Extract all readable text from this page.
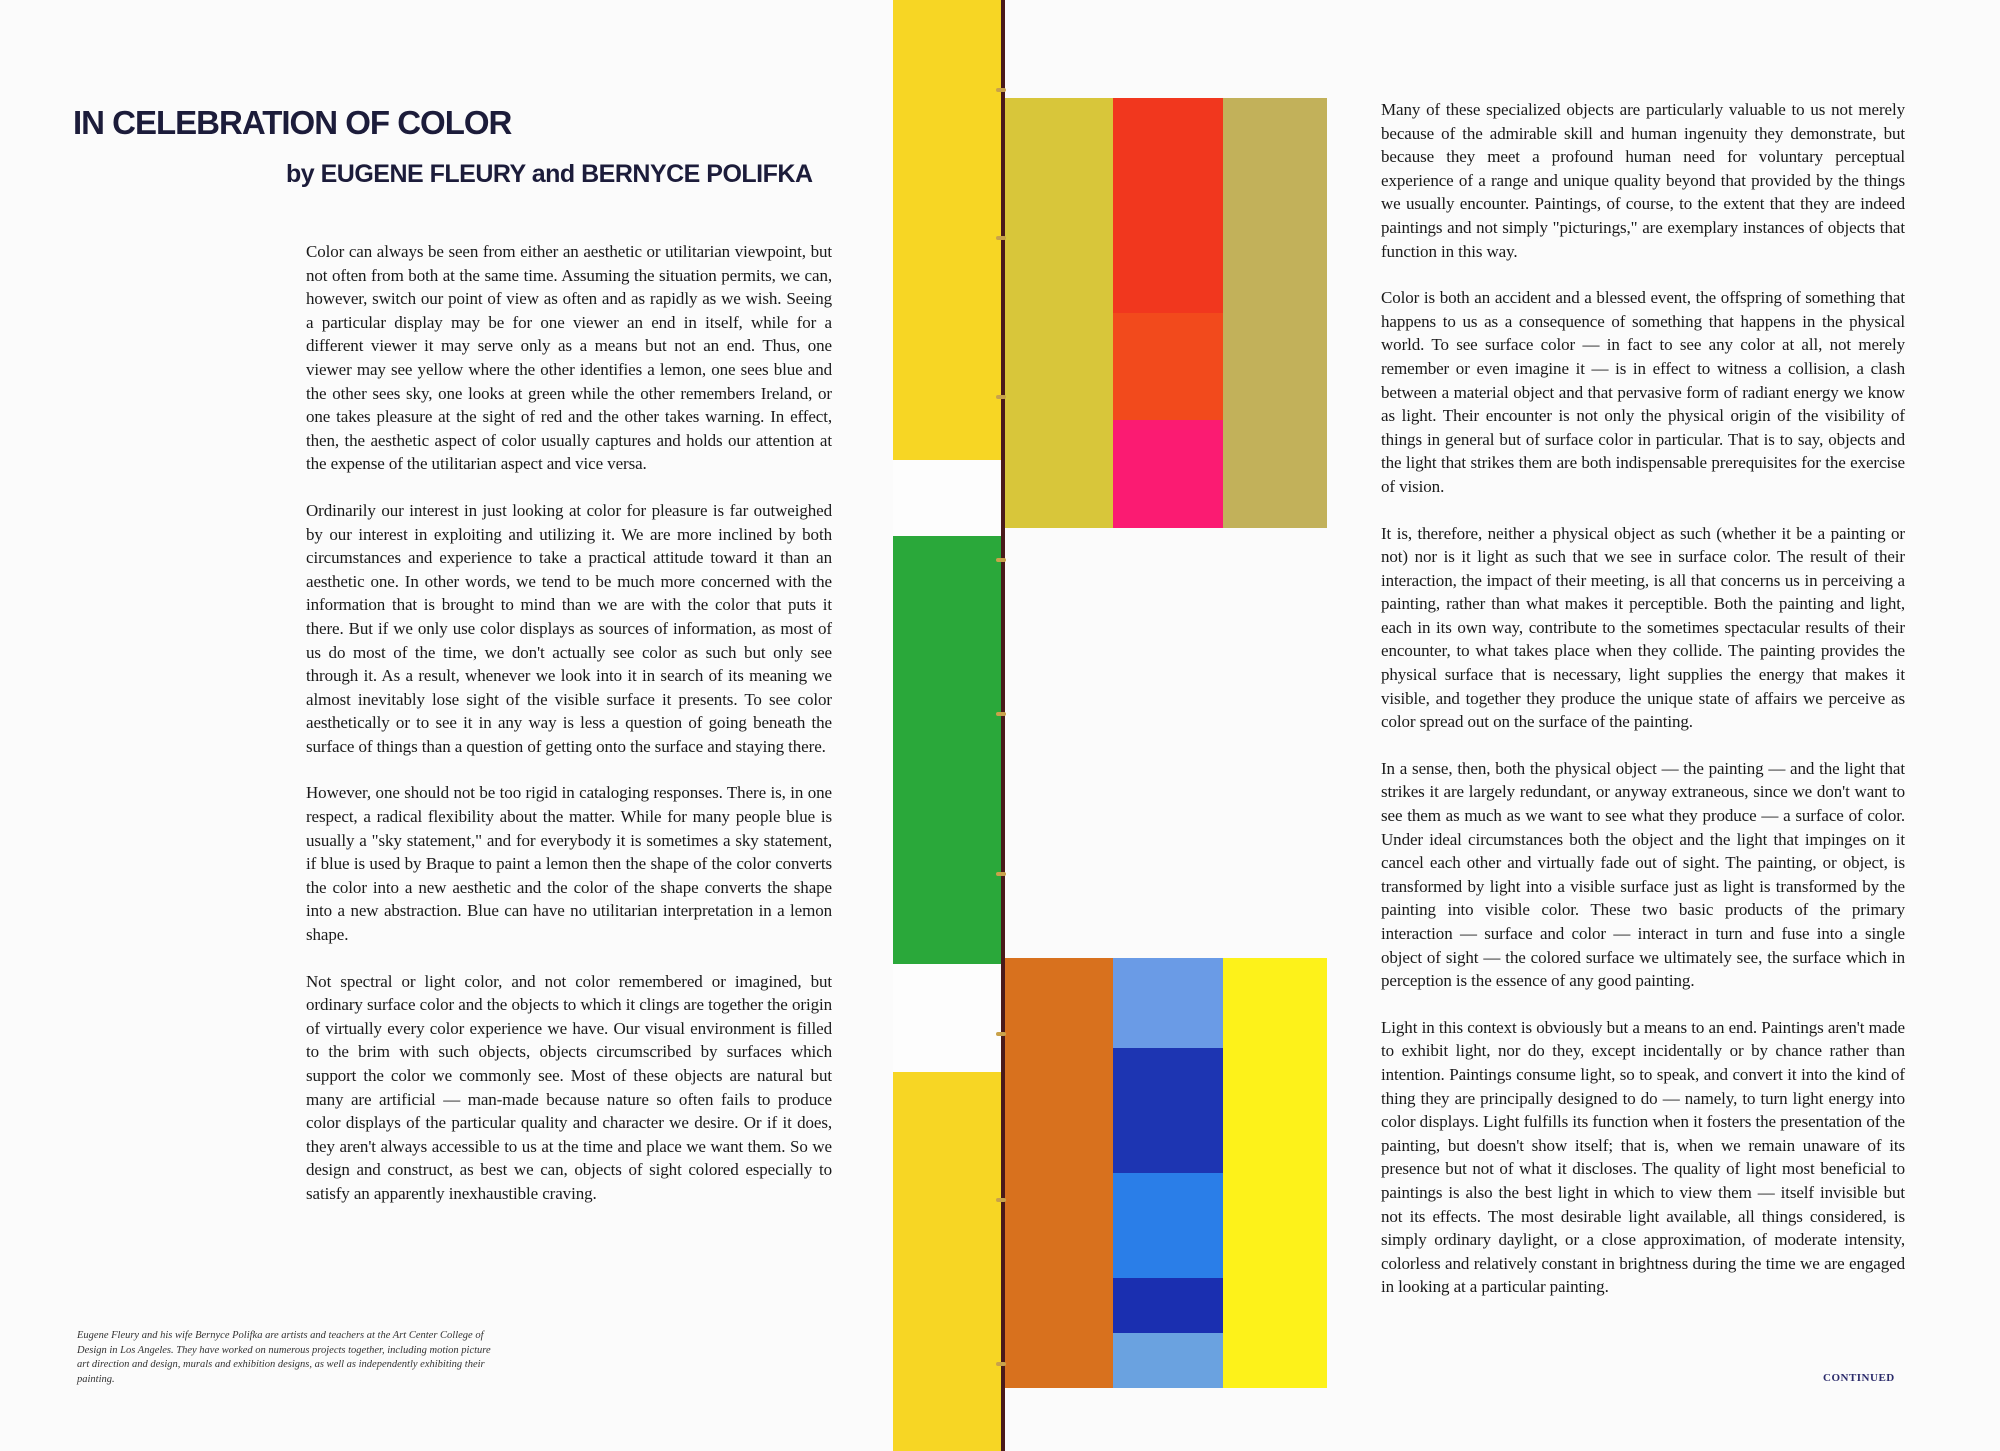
IN CELEBRATION OF COLOR
by EUGENE FLEURY and BERNYCE POLIFKA

Color can always be seen from either an aesthetic or utilitarian viewpoint, but not often from both at the same time. Assuming the situation permits, we can, however, switch our point of view as often and as rapidly as we wish. Seeing a particular display may be for one viewer an end in itself, while for a different viewer it may serve only as a means but not an end. Thus, one viewer may see yellow where the other identifies a lemon, one sees blue and the other sees sky, one looks at green while the other remembers Ireland, or one takes pleasure at the sight of red and the other takes warning. In effect, then, the aesthetic aspect of color usually captures and holds our attention at the expense of the utilitarian aspect and vice versa.

Ordinarily our interest in just looking at color for pleasure is far outweighed by our interest in exploiting and utilizing it. We are more inclined by both circumstances and experience to take a practical attitude toward it than an aesthetic one. In other words, we tend to be much more concerned with the information that is brought to mind than we are with the color that puts it there. But if we only use color displays as sources of information, as most of us do most of the time, we don't actually see color as such but only see through it. As a result, whenever we look into it in search of its meaning we almost inevitably lose sight of the visible surface it presents. To see color aesthetically or to see it in any way is less a question of going beneath the surface of things than a question of getting onto the surface and staying there.

However, one should not be too rigid in cataloging responses. There is, in one respect, a radical flexibility about the matter. While for many people blue is usually a "sky statement," and for everybody it is sometimes a sky statement, if blue is used by Braque to paint a lemon then the shape of the color converts the color into a new aesthetic and the color of the shape converts the shape into a new abstraction. Blue can have no utilitarian interpretation in a lemon shape.

Not spectral or light color, and not color remembered or imagined, but ordinary surface color and the objects to which it clings are together the origin of virtually every color experience we have. Our visual environment is filled to the brim with such objects, objects circumscribed by surfaces which support the color we commonly see. Most of these objects are natural but many are artificial — man-made because nature so often fails to produce color displays of the particular quality and character we desire. Or if it does, they aren't always accessible to us at the time and place we want them. So we design and construct, as best we can, objects of sight colored especially to satisfy an apparently inexhaustible craving.

Eugene Fleury and his wife Bernyce Polifka are artists and teachers at the Art Center College of Design in Los Angeles. They have worked on numerous projects together, including motion picture art direction and design, murals and exhibition designs, as well as independently exhibiting their painting.

Many of these specialized objects are particularly valuable to us not merely because of the admirable skill and human ingenuity they demonstrate, but because they meet a profound human need for voluntary perceptual experience of a range and unique quality beyond that provided by the things we usually encounter. Paintings, of course, to the extent that they are indeed paintings and not simply "picturings," are exemplary instances of objects that function in this way.

Color is both an accident and a blessed event, the offspring of something that happens to us as a consequence of something that happens in the physical world. To see surface color — in fact to see any color at all, not merely remember or even imagine it — is in effect to witness a collision, a clash between a material object and that pervasive form of radiant energy we know as light. Their encounter is not only the physical origin of the visibility of things in general but of surface color in particular. That is to say, objects and the light that strikes them are both indispensable prerequisites for the exercise of vision.

It is, therefore, neither a physical object as such (whether it be a painting or not) nor is it light as such that we see in surface color. The result of their interaction, the impact of their meeting, is all that concerns us in perceiving a painting, rather than what makes it perceptible. Both the painting and light, each in its own way, contribute to the sometimes spectacular results of their encounter, to what takes place when they collide. The painting provides the physical surface that is necessary, light supplies the energy that makes it visible, and together they produce the unique state of affairs we perceive as color spread out on the surface of the painting.

In a sense, then, both the physical object — the painting — and the light that strikes it are largely redundant, or anyway extraneous, since we don't want to see them as much as we want to see what they produce — a surface of color. Under ideal circumstances both the object and the light that impinges on it cancel each other and virtually fade out of sight. The painting, or object, is transformed by light into a visible surface just as light is transformed by the painting into visible color. These two basic products of the primary interaction — surface and color — interact in turn and fuse into a single object of sight — the colored surface we ultimately see, the surface which in perception is the essence of any good painting.

Light in this context is obviously but a means to an end. Paintings aren't made to exhibit light, nor do they, except incidentally or by chance rather than intention. Paintings consume light, so to speak, and convert it into the kind of thing they are principally designed to do — namely, to turn light energy into color displays. Light fulfills its function when it fosters the presentation of the painting, but doesn't show itself; that is, when we remain unaware of its presence but not of what it discloses. The quality of light most beneficial to paintings is also the best light in which to view them — itself invisible but not its effects. The most desirable light available, all things considered, is simply ordinary daylight, or a close approximation, of moderate intensity, colorless and relatively constant in brightness during the time we are engaged in looking at a particular painting.

CONTINUED
